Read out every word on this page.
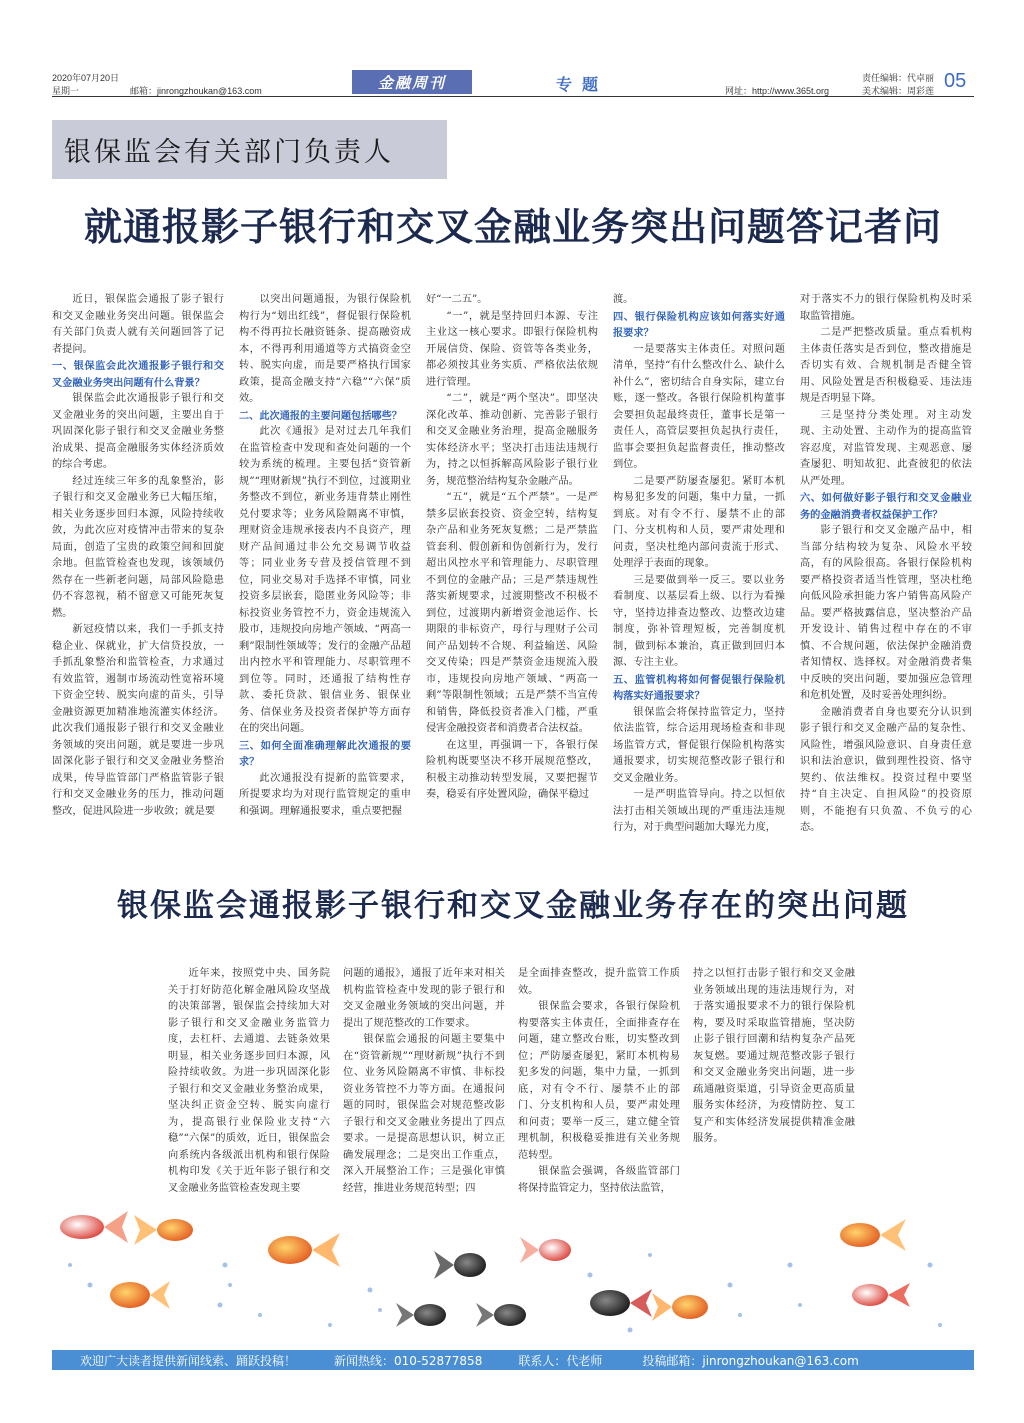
2020年07月20日
星期一	邮箱：jinrongzhoukan@163.com	金融周刊	专题	网址：http://www.365t.org
责任编辑：代卓丽
美术编辑：周彩莲 05
银保监会有关部门负责人
就通报影子银行和交叉金融业务突出问题答记者问

近日，银保监会通报了影子银行和交叉金融业务突出问题。银保监会有关部门负责人就有关问题回答了记者提问。

一、银保监会此次通报影子银行和交叉金融业务突出问题有什么背景？

银保监会此次通报影子银行和交叉金融业务的突出问题，主要出自于巩固深化影子银行和交叉金融业务整治成果、提高金融服务实体经济质效的综合考虑。

经过连续三年多的乱象整治，影子银行和交叉金融业务已大幅压缩，相关业务逐步回归本源，风险持续收敛，为此次应对疫情冲击带来的复杂局面，创造了宝贵的政策空间和回旋余地。但监管检查也发现，该领域仍然存在一些新老问题，局部风险隐患仍不容忽视，稍不留意又可能死灰复燃。

新冠疫情以来，我们一手抓支持稳企业、保就业，扩大信贷投放，一手抓乱象整治和监管检查，力求通过有效监管，遏制市场流动性宽裕环境下资金空转、脱实向虚的苗头，引导金融资源更加精准地流灌实体经济。此次我们通报影子银行和交叉金融业务领域的突出问题，就是要进一步巩固深化影子银行和交叉金融业务整治成果，传导监管部门严格监管影子银行和交叉金融业务的压力，推动问题整改，促进风险进一步收敛；就是要

以突出问题通报，为银行保险机构行为“划出红线”，督促银行保险机构不得再拉长融资链条、提高融资成本，不得再利用通道等方式搞资金空转、脱实向虚，而是要严格执行国家政策，提高金融支持“六稳”“六保”质效。

二、此次通报的主要问题包括哪些？

此次《通报》是对过去几年我们在监管检查中发现和查处问题的一个较为系统的梳理。主要包括“资管新规”“理财新规”执行不到位，过渡期业务整改不到位，新业务违背禁止刚性兑付要求等；业务风险隔离不审慎，理财资金违规承接表内不良资产，理财产品间通过非公允交易调节收益等；同业业务专营及授信管理不到位，同业交易对手选择不审慎，同业投资多层嵌套，隐匿业务风险等；非标投资业务管控不力，资金违规流入股市，违规投向房地产领域、“两高一剩”限制性领域等；发行的金融产品超出内控水平和管理能力、尽职管理不到位等。同时，还通报了结构性存款、委托贷款、银信业务、银保业务、信保业务及投资者保护等方面存在的突出问题。

三、如何全面准确理解此次通报的要求？

此次通报没有提新的监管要求，所提要求均为对现行监管规定的重申和强调。理解通报要求，重点要把握

好“一二五”。

“一”，就是坚持回归本源、专注主业这一核心要求。即银行保险机构开展信贷、保险、资管等各类业务，都必须按其业务实质、严格依法依规进行管理。

“二”，就是“两个坚决”。即坚决深化改革、推动创新、完善影子银行和交叉金融业务治理，提高金融服务实体经济水平；坚决打击违法违规行为，持之以恒拆解高风险影子银行业务，规范整治结构复杂金融产品。

“五”，就是“五个严禁”。一是严禁多层嵌套投资、资金空转，结构复杂产品和业务死灰复燃；二是严禁监管套利、假创新和伪创新行为，发行超出风控水平和管理能力、尽职管理不到位的金融产品；三是严禁违规性落实新规要求，过渡期整改不积极不到位，过渡期内新增资金池运作、长期限的非标资产，母行与理财子公司间产品划转不合规、利益输送、风险交叉传染；四是严禁资金违规流入股市，违规投向房地产领域、“两高一剩”等限制性领域；五是严禁不当宣传和销售，降低投资者准入门槛，严重侵害金融投资者和消费者合法权益。

在这里，再强调一下，各银行保险机构既要坚决不移开展规范整改，积极主动推动转型发展，又要把握节奏，稳妥有序处置风险，确保平稳过

渡。

四、银行保险机构应该如何落实好通报要求？

一是要落实主体责任。对照问题清单，坚持“有什么整改什么、缺什么补什么”，密切结合自身实际，建立台账，逐一整改。各银行保险机构董事会要担负起最终责任，董事长是第一责任人，高管层要担负起执行责任，监事会要担负起监督责任，推动整改到位。

二是要严防屡查屡犯。紧盯本机构易犯多发的问题，集中力量，一抓到底。对有令不行、屡禁不止的部门、分支机构和人员，要严肃处理和问责，坚决杜绝内部问责流于形式、处理浮于表面的现象。

三是要做到举一反三。要以业务看制度、以基层看上级、以行为看操守，坚持边排查边整改、边整改边建制度，弥补管理短板，完善制度机制，做到标本兼治，真正做到回归本源、专注主业。

五、监管机构将如何督促银行保险机构落实好通报要求？

银保监会将保持监管定力，坚持依法监管，综合运用现场检查和非现场监管方式，督促银行保险机构落实通报要求，切实规范整改影子银行和交叉金融业务。

一是严明监管导向。持之以恒依法打击相关领域出现的严重违法违规行为，对于典型问题加大曝光力度，

对于落实不力的银行保险机构及时采取监管措施。

二是严把整改质量。重点看机构主体责任落实是否到位，整改措施是否切实有效、合规机制是否健全管用、风险处置是否积极稳妥、违法违规是否明显下降。

三是坚持分类处理。对主动发现、主动处置、主动作为的提高监管容忍度，对监管发现、主观恶意、屡查屡犯、明知故犯、此查彼犯的依法从严处理。

六、如何做好影子银行和交叉金融业务的金融消费者权益保护工作？

影子银行和交叉金融产品中，相当部分结构较为复杂、风险水平较高，有的风险很高。各银行保险机构要严格投资者适当性管理，坚决杜绝向低风险承担能力客户销售高风险产品。要严格披露信息，坚决整治产品开发设计、销售过程中存在的不审慎、不合规问题，依法保护金融消费者知情权、选择权。对金融消费者集中反映的突出问题，要加强应急管理和危机处置，及时妥善处理纠纷。

金融消费者自身也要充分认识到影子银行和交叉金融产品的复杂性、风险性，增强风险意识、自身责任意识和法治意识，做到理性投资、恪守契约、依法维权。投资过程中要坚持“自主决定、自担风险”的投资原则，不能抱有只负盈、不负亏的心态。

银保监会通报影子银行和交叉金融业务存在的突出问题

近年来，按照党中央、国务院关于打好防范化解金融风险攻坚战的决策部署，银保监会持续加大对影子银行和交叉金融业务监管力度，去杠杆、去通道、去链条效果明显，相关业务逐步回归本源，风险持续收敛。为进一步巩固深化影子银行和交叉金融业务整治成果，坚决纠正资金空转、脱实向虚行为，提高银行业保险业支持“六稳”“六保”的质效，近日，银保监会向系统内各级派出机构和银行保险机构印发《关于近年影子银行和交叉金融业务监管检查发现主要

问题的通报》，通报了近年来对相关机构监管检查中发现的影子银行和交叉金融业务领域的突出问题，并提出了规范整改的工作要求。

银保监会通报的问题主要集中在“资管新规”“理财新规”执行不到位、业务风险隔离不审慎、非标投资业务管控不力等方面。在通报问题的同时，银保监会对规范整改影子银行和交叉金融业务提出了四点要求。一是提高思想认识，树立正确发展理念；二是突出工作重点，深入开展整治工作；三是强化审慎经营，推进业务规范转型；四

是全面排查整改，提升监管工作质效。

银保监会要求，各银行保险机构要落实主体责任，全面排查存在问题，建立整改台账，切实整改到位；严防屡查屡犯，紧盯本机构易犯多发的问题，集中力量，一抓到底，对有令不行、屡禁不止的部门、分支机构和人员，要严肃处理和问责；要举一反三，建立健全管理机制，积极稳妥推进有关业务规范转型。

银保监会强调，各级监管部门将保持监管定力，坚持依法监管，

持之以恒打击影子银行和交叉金融业务领域出现的违法违规行为，对于落实通报要求不力的银行保险机构，要及时采取监管措施，坚决防止影子银行回潮和结构复杂产品死灰复燃。要通过规范整改影子银行和交叉金融业务突出问题，进一步疏通融资渠道，引导资金更高质量服务实体经济，为疫情防控、复工复产和实体经济发展提供精准金融服务。

欢迎广大读者提供新闻线索、踊跃投稿！	新闻热线：010-52877858	联系人：代老师	投稿邮箱：jinrongzhoukan@163.com
